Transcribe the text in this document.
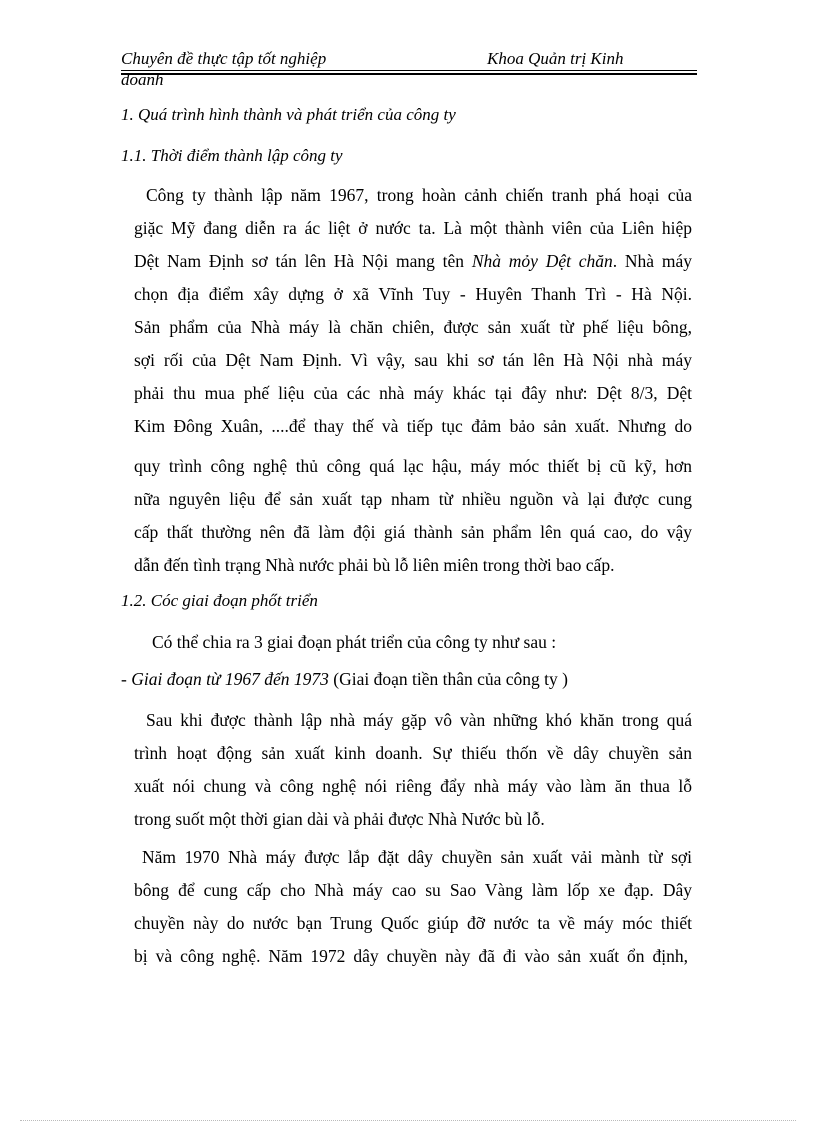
Chuyên đề thực tập tốt nghiệp	Khoa Quản trị Kinh
doanh
1. Quá trình hình thành và phát triển của công ty
1.1. Thời điểm thành lập công ty
Công ty thành lập năm 1967, trong hoàn cảnh chiến tranh phá hoại của
giặc Mỹ đang diễn ra ác liệt ở nước ta. Là một thành viên của Liên hiệp
Dệt Nam Định sơ tán lên Hà Nội mang tên Nhà mỏy Dệt chăn. Nhà máy
chọn địa điểm xây dựng ở xã Vĩnh Tuy - Huyên Thanh Trì - Hà Nội.
Sản phẩm của Nhà máy là chăn chiên, được sản xuất từ phế liệu bông,
sợi rối của Dệt Nam Định. Vì vậy, sau khi sơ tán lên Hà Nội nhà máy
phải thu mua phế liệu của các nhà máy khác tại đây như: Dệt 8/3, Dệt
Kim Đông Xuân, ....để thay thế và tiếp tục đảm bảo sản xuất. Nhưng do
quy trình công nghệ thủ công quá lạc hậu, máy móc thiết bị cũ kỹ, hơn
nữa nguyên liệu để sản xuất tạp nham từ nhiều nguồn và lại được cung
cấp thất thường nên đã làm đội giá thành sản phẩm lên quá cao, do vậy
dẫn đến tình trạng Nhà nước phải bù lỗ liên miên trong thời bao cấp.
1.2. Cóc giai đoạn phőt triển
Có thể chia ra 3 giai đoạn phát triển của công ty như sau :
- Giai đoạn từ 1967 đến 1973 (Giai đoạn tiền thân của công ty )
Sau khi được thành lập nhà máy gặp vô vàn những khó khăn trong quá
trình hoạt động sản xuất kinh doanh. Sự thiếu thốn về dây chuyền sản
xuất nói chung và công nghệ nói riêng đẩy nhà máy vào làm ăn thua lỗ
trong suốt một thời gian dài và phải được Nhà Nước bù lỗ.
Năm 1970 Nhà máy được lắp đặt dây chuyền sản xuất vải mành từ sợi
bông để cung cấp cho Nhà máy cao su Sao Vàng làm lốp xe đạp. Dây
chuyền này do nước bạn Trung Quốc giúp đỡ nước ta về máy móc thiết
bị và công nghệ. Năm 1972 dây chuyền này đã đi vào sản xuất ổn định,
